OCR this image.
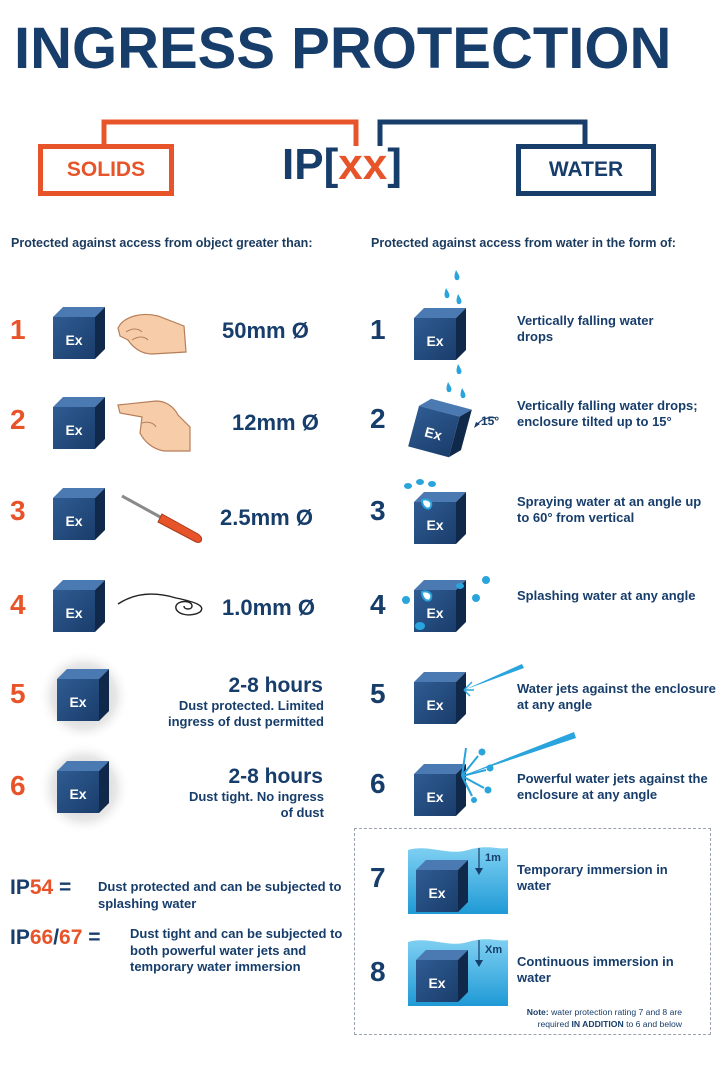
INGRESS PROTECTION
SOLIDS	WATER
IP[xx]
Protected against access from object greater than:	Protected against access from water in the form of:
1	Ex	50mm Ø
2	Ex	12mm Ø
3	Ex	2.5mm Ø
4	Ex	1.0mm Ø
5	Ex
2-8 hours
Dust protected. Limited ingress of dust permitted
6	Ex
2-8 hours
Dust tight. No ingress of dust
IP54 = Dust protected and can be subjected to splashing water
IP66/67 = Dust tight and can be subjected to both powerful water jets and temporary water immersion
1	Ex
Vertically falling water drops
2	Ex
15°
Vertically falling water drops; enclosure tilted up to 15°
3	Ex
Spraying water at an angle up to 60° from vertical
4	Ex
Splashing water at any angle
5	Ex
Water jets against the enclosure at any angle
6	Ex
Powerful water jets against the enclosure at any angle
7	Ex
1m
Temporary immersion in water
8	Ex
Xm
Continuous immersion in water
Note: water protection rating 7 and 8 are
required IN ADDITION to 6 and below
